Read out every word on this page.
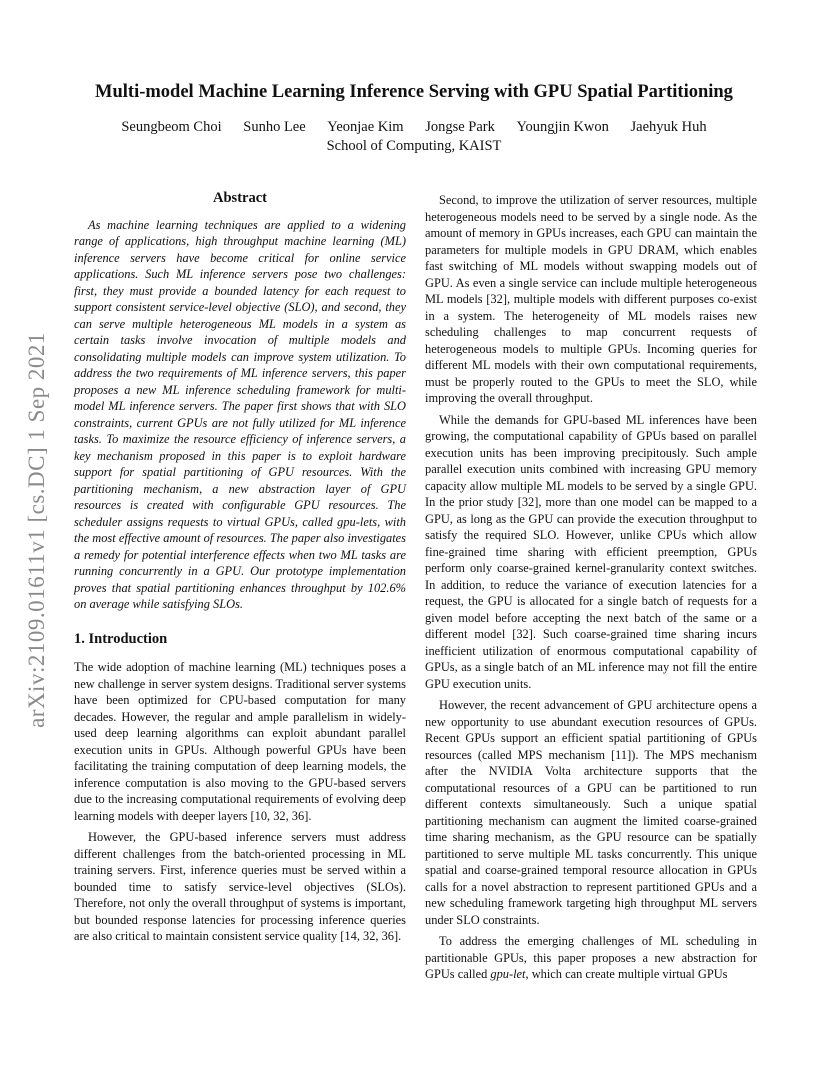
arXiv:2109.01611v1 [cs.DC] 1 Sep 2021
Multi-model Machine Learning Inference Serving with GPU Spatial Partitioning
Seungbeom Choi Sunho Lee Yeonjae Kim Jongse Park Youngjin Kwon Jaehyuk Huh
School of Computing, KAIST
Abstract

As machine learning techniques are applied to a widening range of applications, high throughput machine learning (ML) inference servers have become critical for online service applications. Such ML inference servers pose two challenges: first, they must provide a bounded latency for each request to support consistent service-level objective (SLO), and second, they can serve multiple heterogeneous ML models in a system as certain tasks involve invocation of multiple models and consolidating multiple models can improve system utilization. To address the two requirements of ML inference servers, this paper proposes a new ML inference scheduling framework for multi-model ML inference servers. The paper first shows that with SLO constraints, current GPUs are not fully utilized for ML inference tasks. To maximize the resource efficiency of inference servers, a key mechanism proposed in this paper is to exploit hardware support for spatial partitioning of GPU resources. With the partitioning mechanism, a new abstraction layer of GPU resources is created with configurable GPU resources. The scheduler assigns requests to virtual GPUs, called gpu-lets, with the most effective amount of resources. The paper also investigates a remedy for potential interference effects when two ML tasks are running concurrently in a GPU. Our prototype implementation proves that spatial partitioning enhances throughput by 102.6% on average while satisfying SLOs.

1. Introduction

The wide adoption of machine learning (ML) techniques poses a new challenge in server system designs. Traditional server systems have been optimized for CPU-based computation for many decades. However, the regular and ample parallelism in widely-used deep learning algorithms can exploit abundant parallel execution units in GPUs. Although powerful GPUs have been facilitating the training computation of deep learning models, the inference computation is also moving to the GPU-based servers due to the increasing computational requirements of evolving deep learning models with deeper layers [10, 32, 36].

However, the GPU-based inference servers must address different challenges from the batch-oriented processing in ML training servers. First, inference queries must be served within a bounded time to satisfy service-level objectives (SLOs). Therefore, not only the overall throughput of systems is important, but bounded response latencies for processing inference queries are also critical to maintain consistent service quality [14, 32, 36].

Second, to improve the utilization of server resources, multiple heterogeneous models need to be served by a single node. As the amount of memory in GPUs increases, each GPU can maintain the parameters for multiple models in GPU DRAM, which enables fast switching of ML models without swapping models out of GPU. As even a single service can include multiple heterogeneous ML models [32], multiple models with different purposes co-exist in a system. The heterogeneity of ML models raises new scheduling challenges to map concurrent requests of heterogeneous models to multiple GPUs. Incoming queries for different ML models with their own computational requirements, must be properly routed to the GPUs to meet the SLO, while improving the overall throughput.

While the demands for GPU-based ML inferences have been growing, the computational capability of GPUs based on parallel execution units has been improving precipitously. Such ample parallel execution units combined with increasing GPU memory capacity allow multiple ML models to be served by a single GPU. In the prior study [32], more than one model can be mapped to a GPU, as long as the GPU can provide the execution throughput to satisfy the required SLO. However, unlike CPUs which allow fine-grained time sharing with efficient preemption, GPUs perform only coarse-grained kernel-granularity context switches. In addition, to reduce the variance of execution latencies for a request, the GPU is allocated for a single batch of requests for a given model before accepting the next batch of the same or a different model [32]. Such coarse-grained time sharing incurs inefficient utilization of enormous computational capability of GPUs, as a single batch of an ML inference may not fill the entire GPU execution units.

However, the recent advancement of GPU architecture opens a new opportunity to use abundant execution resources of GPUs. Recent GPUs support an efficient spatial partitioning of GPUs resources (called MPS mechanism [11]). The MPS mechanism after the NVIDIA Volta architecture supports that the computational resources of a GPU can be partitioned to run different contexts simultaneously. Such a unique spatial partitioning mechanism can augment the limited coarse-grained time sharing mechanism, as the GPU resource can be spatially partitioned to serve multiple ML tasks concurrently. This unique spatial and coarse-grained temporal resource allocation in GPUs calls for a novel abstraction to represent partitioned GPUs and a new scheduling framework targeting high throughput ML servers under SLO constraints.

To address the emerging challenges of ML scheduling in partitionable GPUs, this paper proposes a new abstraction for GPUs called gpu-let, which can create multiple virtual GPUs
